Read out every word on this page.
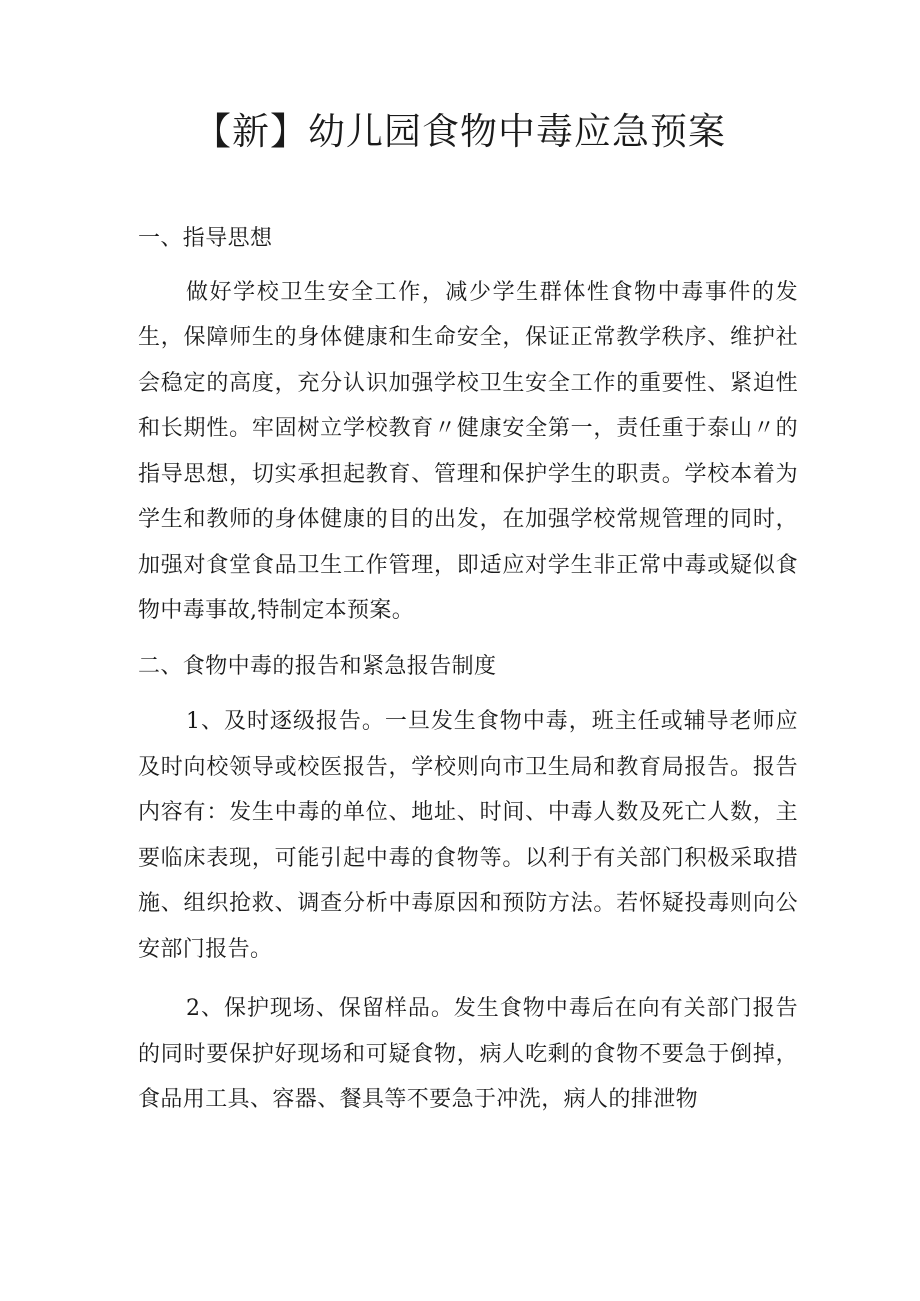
【新】幼儿园食物中毒应急预案
一、指导思想

做好学校卫生安全工作，减少学生群体性食物中毒事件的发生，保障师生的身体健康和生命安全，保证正常教学秩序、维护社会稳定的高度，充分认识加强学校卫生安全工作的重要性、紧迫性和长期性。牢固树立学校教育〃健康安全第一，责任重于泰山〃的指导思想，切实承担起教育、管理和保护学生的职责。学校本着为学生和教师的身体健康的目的出发，在加强学校常规管理的同时，加强对食堂食品卫生工作管理，即适应对学生非正常中毒或疑似食物中毒事故,特制定本预案。

二、食物中毒的报告和紧急报告制度

1、及时逐级报告。一旦发生食物中毒，班主任或辅导老师应及时向校领导或校医报告，学校则向市卫生局和教育局报告。报告内容有：发生中毒的单位、地址、时间、中毒人数及死亡人数，主要临床表现，可能引起中毒的食物等。以利于有关部门积极采取措施、组织抢救、调查分析中毒原因和预防方法。若怀疑投毒则向公安部门报告。

2、保护现场、保留样品。发生食物中毒后在向有关部门报告的同时要保护好现场和可疑食物，病人吃剩的食物不要急于倒掉，食品用工具、容器、餐具等不要急于冲洗，病人的排泄物
